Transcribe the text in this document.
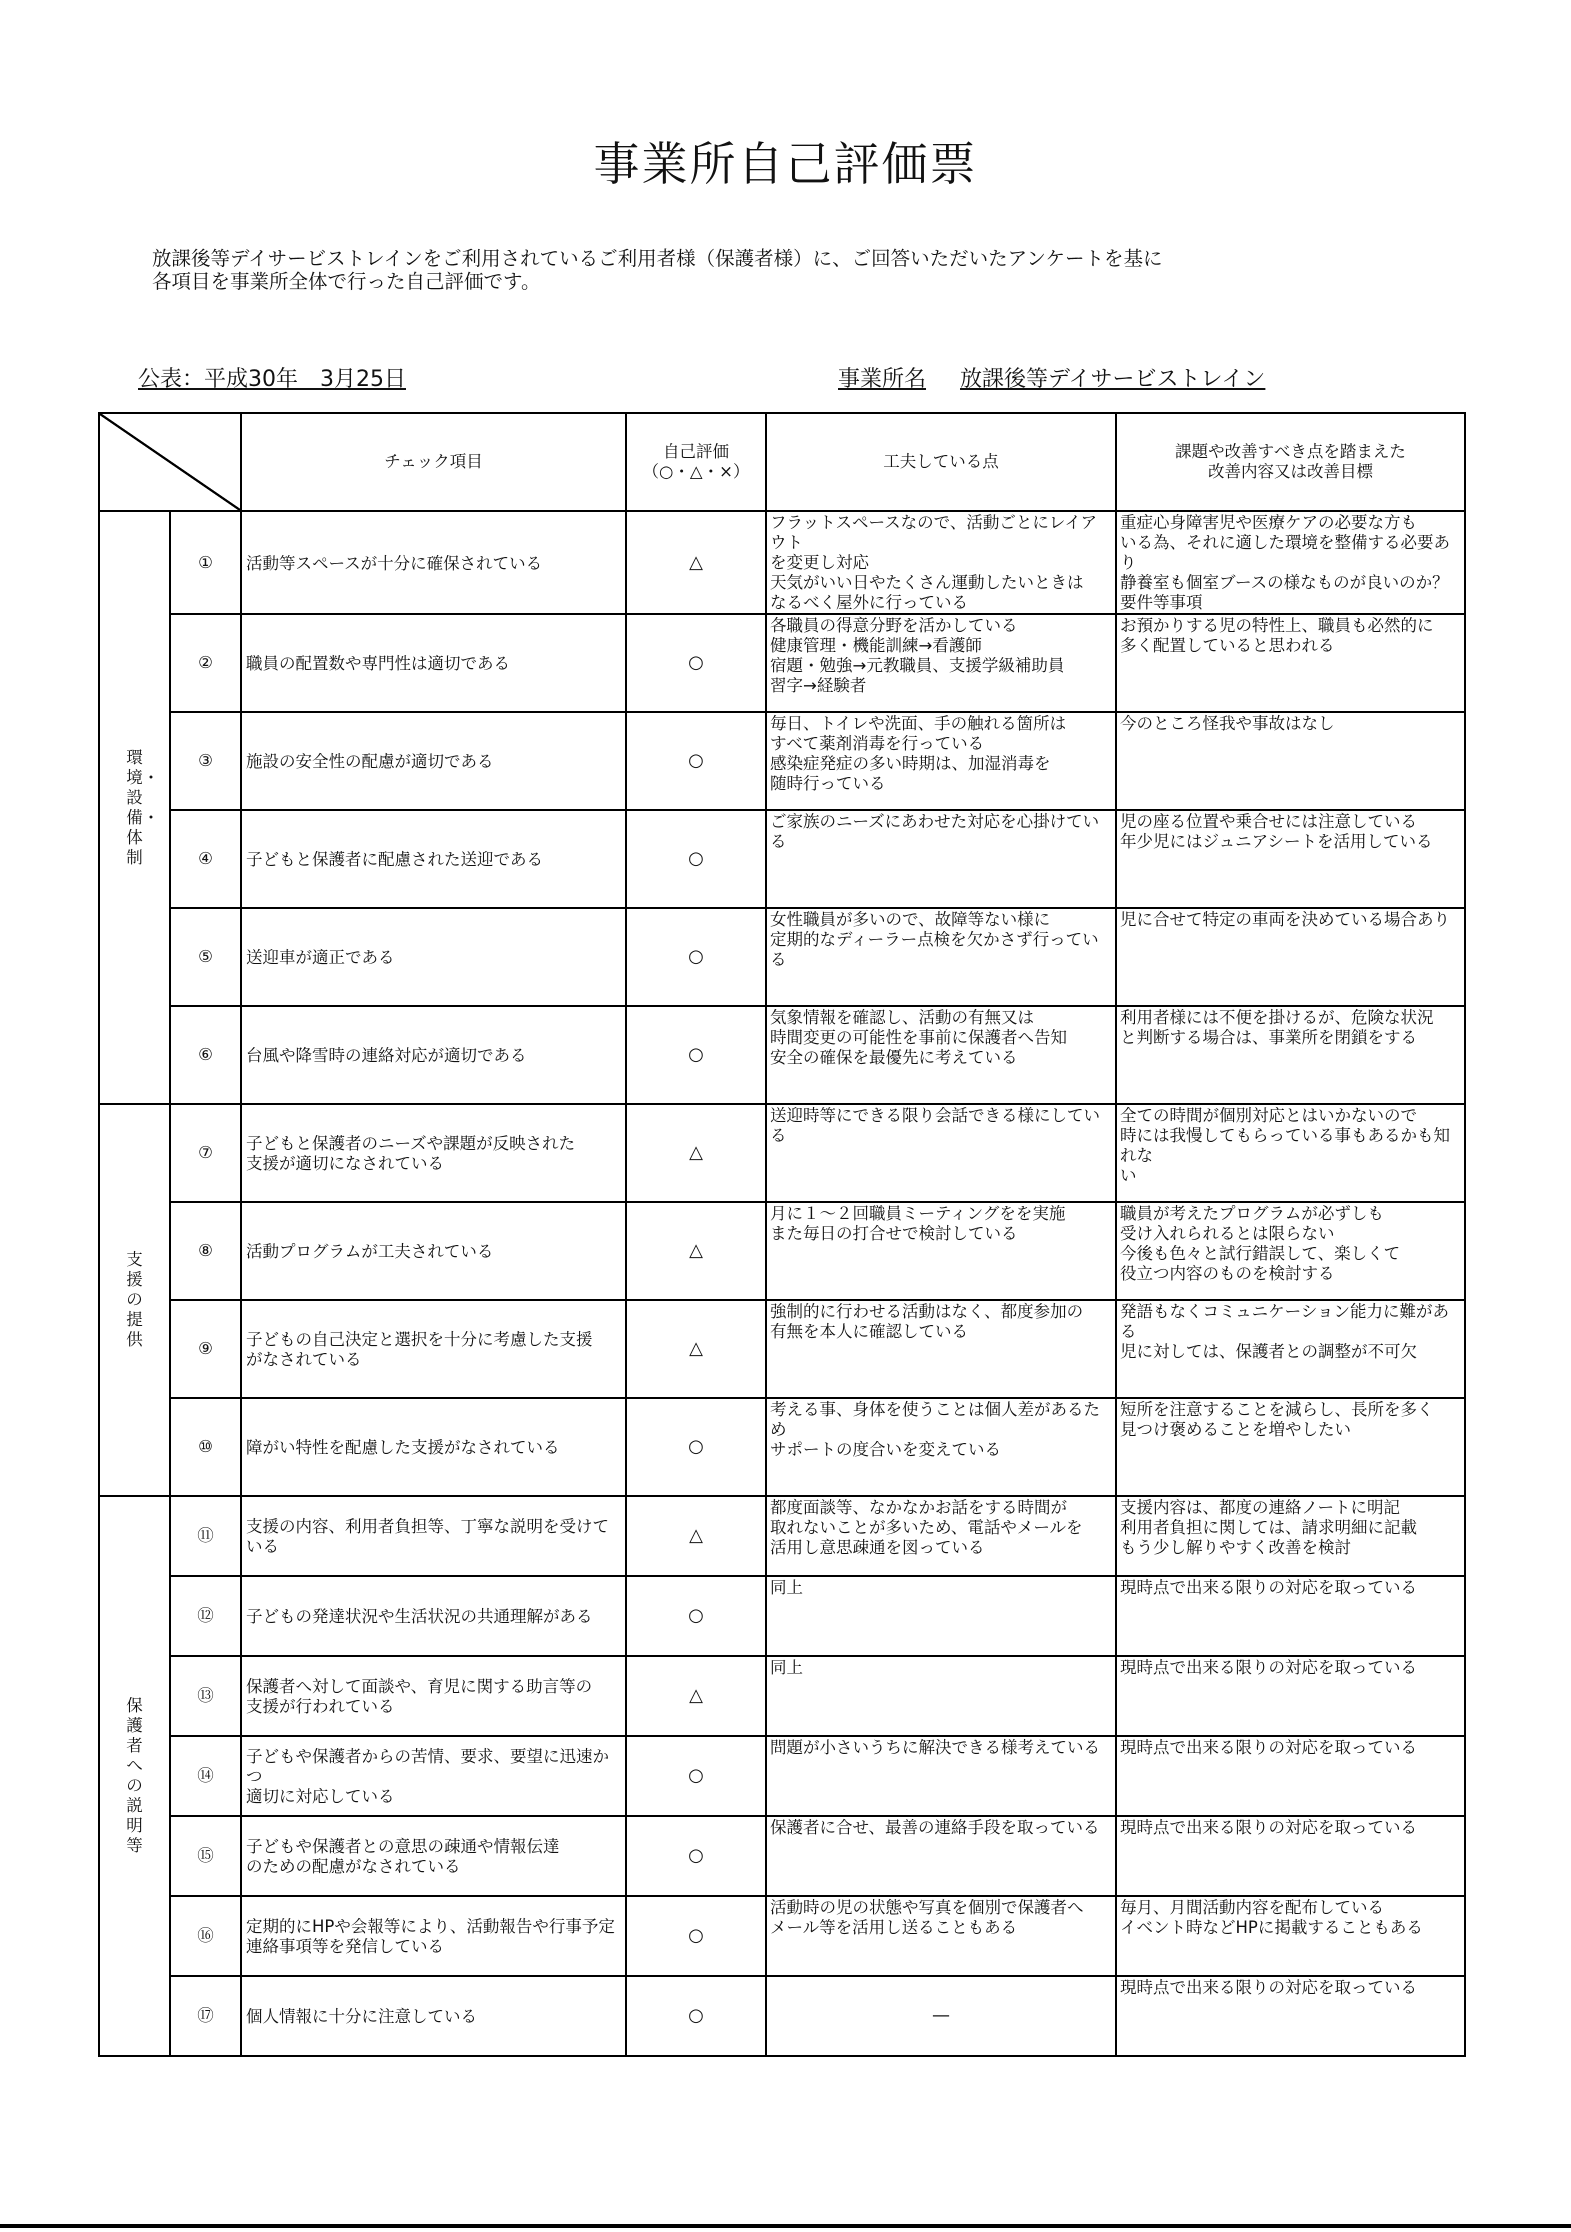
事業所自己評価票
放課後等デイサービストレインをご利用されているご利用者様（保護者様）に、ご回答いただいたアンケートを基に
各項目を事業所全体で行った自己評価です。
公表：平成30年　3月25日	事業所名 放課後等デイサービストレイン
		チェック項目	自己評価
（○・△・×）	工夫している点	課題や改善すべき点を踏まえた
改善内容又は改善目標
環境・設備・体制	①	活動等スペースが十分に確保されている	△	フラットスペースなので、活動ごとにレイアウト
を変更し対応
天気がいい日やたくさん運動したいときは
なるべく屋外に行っている	重症心身障害児や医療ケアの必要な方も
いる為、それに適した環境を整備する必要あり
静養室も個室ブースの様なものが良いのか？
要件等事項
	②	職員の配置数や専門性は適切である	○	各職員の得意分野を活かしている
健康管理・機能訓練→看護師
宿題・勉強→元教職員、支援学級補助員
習字→経験者	お預かりする児の特性上、職員も必然的に
多く配置していると思われる
	③	施設の安全性の配慮が適切である	○	毎日、トイレや洗面、手の触れる箇所は
すべて薬剤消毒を行っている
感染症発症の多い時期は、加湿消毒を
随時行っている	今のところ怪我や事故はなし
	④	子どもと保護者に配慮された送迎である	○	ご家族のニーズにあわせた対応を心掛けている	児の座る位置や乗合せには注意している
年少児にはジュニアシートを活用している
	⑤	送迎車が適正である	○	女性職員が多いので、故障等ない様に
定期的なディーラー点検を欠かさず行っている	児に合せて特定の車両を決めている場合あり
	⑥	台風や降雪時の連絡対応が適切である	○	気象情報を確認し、活動の有無又は
時間変更の可能性を事前に保護者へ告知
安全の確保を最優先に考えている	利用者様には不便を掛けるが、危険な状況
と判断する場合は、事業所を閉鎖をする
支援の提供	⑦	子どもと保護者のニーズや課題が反映された
支援が適切になされている	△	送迎時等にできる限り会話できる様にしている	全ての時間が個別対応とはいかないので
時には我慢してもらっている事もあるかも知れな
い
	⑧	活動プログラムが工夫されている	△	月に１～２回職員ミーティングをを実施
また毎日の打合せで検討している	職員が考えたプログラムが必ずしも
受け入れられるとは限らない
今後も色々と試行錯誤して、楽しくて
役立つ内容のものを検討する
	⑨	子どもの自己決定と選択を十分に考慮した支援
がなされている	△	強制的に行わせる活動はなく、都度参加の
有無を本人に確認している	発語もなくコミュニケーション能力に難がある
児に対しては、保護者との調整が不可欠
	⑩	障がい特性を配慮した支援がなされている	○	考える事、身体を使うことは個人差があるため
サポートの度合いを変えている	短所を注意することを減らし、長所を多く
見つけ褒めることを増やしたい
保護者への説明等	⑪	支援の内容、利用者負担等、丁寧な説明を受けている	△	都度面談等、なかなかお話をする時間が
取れないことが多いため、電話やメールを
活用し意思疎通を図っている	支援内容は、都度の連絡ノートに明記
利用者負担に関しては、請求明細に記載
もう少し解りやすく改善を検討
	⑫	子どもの発達状況や生活状況の共通理解がある	○	同上	現時点で出来る限りの対応を取っている
	⑬	保護者へ対して面談や、育児に関する助言等の
支援が行われている	△	同上	現時点で出来る限りの対応を取っている
	⑭	子どもや保護者からの苦情、要求、要望に迅速かつ
適切に対応している	○	問題が小さいうちに解決できる様考えている	現時点で出来る限りの対応を取っている
	⑮	子どもや保護者との意思の疎通や情報伝達
のための配慮がなされている	○	保護者に合せ、最善の連絡手段を取っている	現時点で出来る限りの対応を取っている
	⑯	定期的にHPや会報等により、活動報告や行事予定
連絡事項等を発信している	○	活動時の児の状態や写真を個別で保護者へ
メール等を活用し送ることもある	毎月、月間活動内容を配布している
イベント時などHPに掲載することもある
	⑰	個人情報に十分に注意している	○	—	現時点で出来る限りの対応を取っている
